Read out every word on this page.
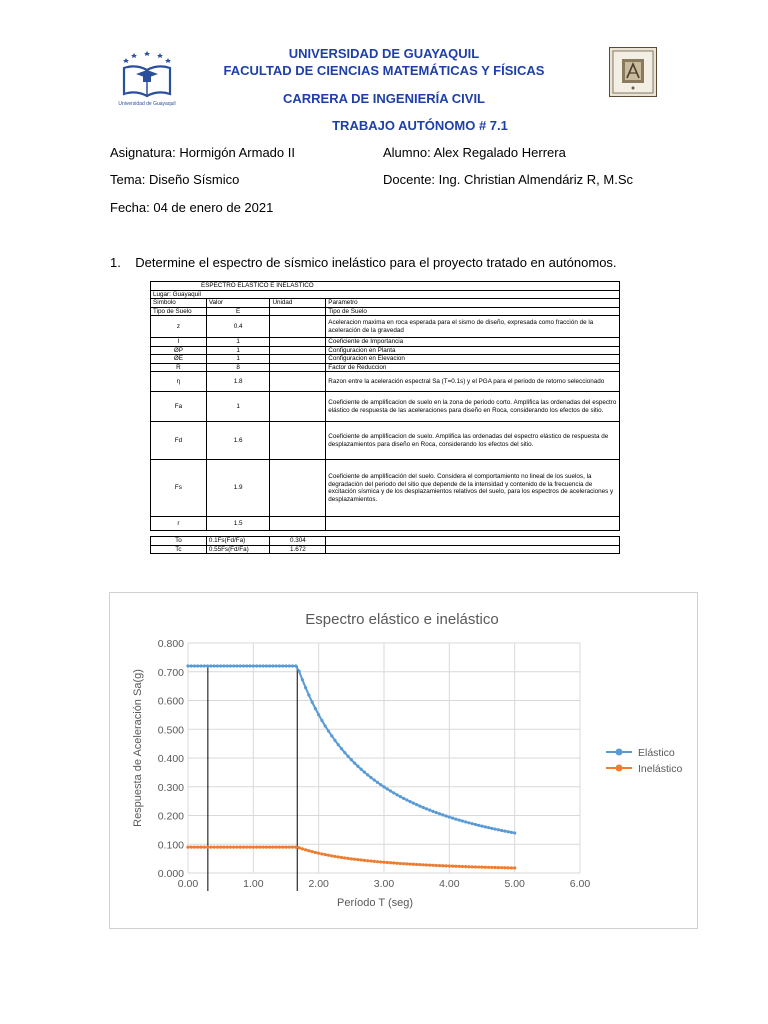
Universidad de Guayaquil
UNIVERSIDAD DE GUAYAQUIL
FACULTAD DE CIENCIAS MATEMÁTICAS Y FÍSICAS
CARRERA DE INGENIERÍA CIVIL
TRABAJO AUTÓNOMO # 7.1
Asignatura: Hormigón Armado II	Alumno: Alex Regalado Herrera
Tema: Diseño Sísmico	Docente: Ing. Christian Almendáriz R, M.Sc
Fecha: 04 de enero de 2021
1.    Determine el espectro de sísmico inelástico para el proyecto tratado en autónomos.
ESPECTRO ELASTICO E INELASTICO			
Lugar: Guayaquil			
Simbolo	Valor	Unidad	Parametro
Tipo de Suelo	E		Tipo de Suelo
z	0.4		Aceleracion maxima en roca esperada para el sismo de diseño, expresada como fracción de la aceleración de la gravedad
I	1		Coeficiente de Importancia
ØP	1		Configuracion en Planta
ØE	1		Configuracion en Elevacion
R	8		Factor de Reduccion
η	1.8		Razon entre la aceleración espectral Sa (T=0.1s) y el PGA para el periodo de retorno seleccionado
Fa	1		Coeficiente de amplificacion de suelo en la zona de periodo corto. Amplifica las ordenadas del espectro elástico de respuesta de las aceleraciones para diseño en Roca, considerando los efectos de sitio.
Fd	1.6		Coeficiente de amplificacion de suelo. Amplifica las ordenadas del espectro elástico de respuesta de desplazamientos para diseño en Roca, considerando los efectos del sitio.
Fs	1.9		Coeficiente de amplificación del suelo. Considera el comportamiento no lineal de los suelos, la degradación del periodo del sitio que depende de la intensidad y contenido de la frecuencia de excitación sísmica y de los desplazamientos relativos del suelo, para los espectros de aceleraciones y desplazamientos.
r	1.5		

To	0.1Fs(Fd/Fa)	0.304	
Tc	0.55Fs(Fd/Fa)	1.672	
Espectro elástico e inelástico
0.000
0.100
0.200
0.300
0.400
0.500
0.600
0.700
0.800
0.00	1.00	2.00	3.00	4.00	5.00	6.00
Elástico
Inelástico
Período T (seg)
Respuesta de Aceleración Sa(g)
